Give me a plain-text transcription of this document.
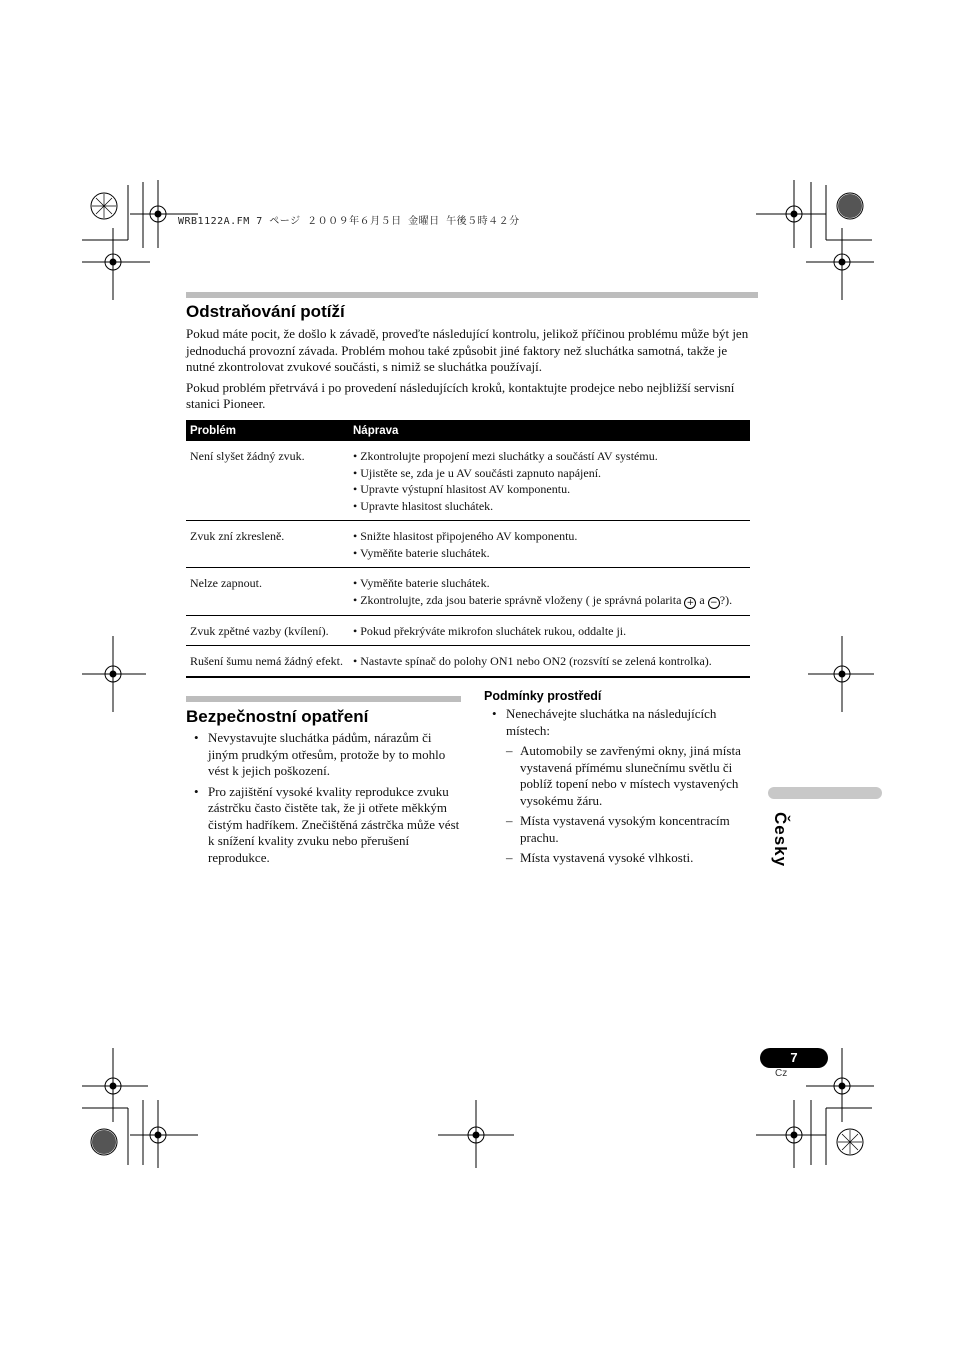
WRB1122A.FM 7 ページ ２００９年６月５日 金曜日 午後５時４２分
Odstraňování potíží

Pokud máte pocit, že došlo k závadě, proveďte následující kontrolu, jelikož příčinou problému může být jen jednoduchá provozní závada. Problém mohou také způsobit jiné faktory než sluchátka samotná, takže je nutné zkontrolovat zvukové součásti, s nimiž se sluchátka používají.

Pokud problém přetrvává i po provedení následujících kroků, kontaktujte prodejce nebo nejbližší servisní stanici Pioneer.

Problém	Náprava
Není slyšet žádný zvuk.	• Zkontrolujte propojení mezi sluchátky a součástí AV systému.
• Ujistěte se, zda je u AV součásti zapnuto napájení.
• Upravte výstupní hlasitost AV komponentu.
• Upravte hlasitost sluchátek.

Zvuk zní zkresleně.	• Snižte hlasitost připojeného AV komponentu.
• Vyměňte baterie sluchátek.

Nelze zapnout.	• Vyměňte baterie sluchátek.
• Zkontrolujte, zda jsou baterie správně vloženy ( je správná polarita + a − ?).

Zvuk zpětné vazby (kvílení).	• Pokud překrýváte mikrofon sluchátek rukou, oddalte ji.

Rušení šumu nemá žádný efekt.	• Nastavte spínač do polohy ON1 nebo ON2 (rozsvítí se zelená kontrolka).
Bezpečnostní opatření
• Nevystavujte sluchátka pádům, nárazům či jiným prudkým otřesům, protože by to mohlo vést k jejich poškození.
• Pro zajištění vysoké kvality reprodukce zvuku zástrčku často čistěte tak, že ji otřete měkkým čistým hadříkem. Znečištěná zástrčka může vést k snížení kvality zvuku nebo přerušení reprodukce.
Podmínky prostředí
• Nenechávejte sluchátka na následujících místech:
– Automobily se zavřenými okny, jiná místa vystavená přímému slunečnímu světlu či poblíž topení nebo v místech vystavených vysokému žáru.
– Místa vystavená vysokým koncentracím prachu.
– Místa vystavená vysoké vlhkosti.	Česky
7
Cz
